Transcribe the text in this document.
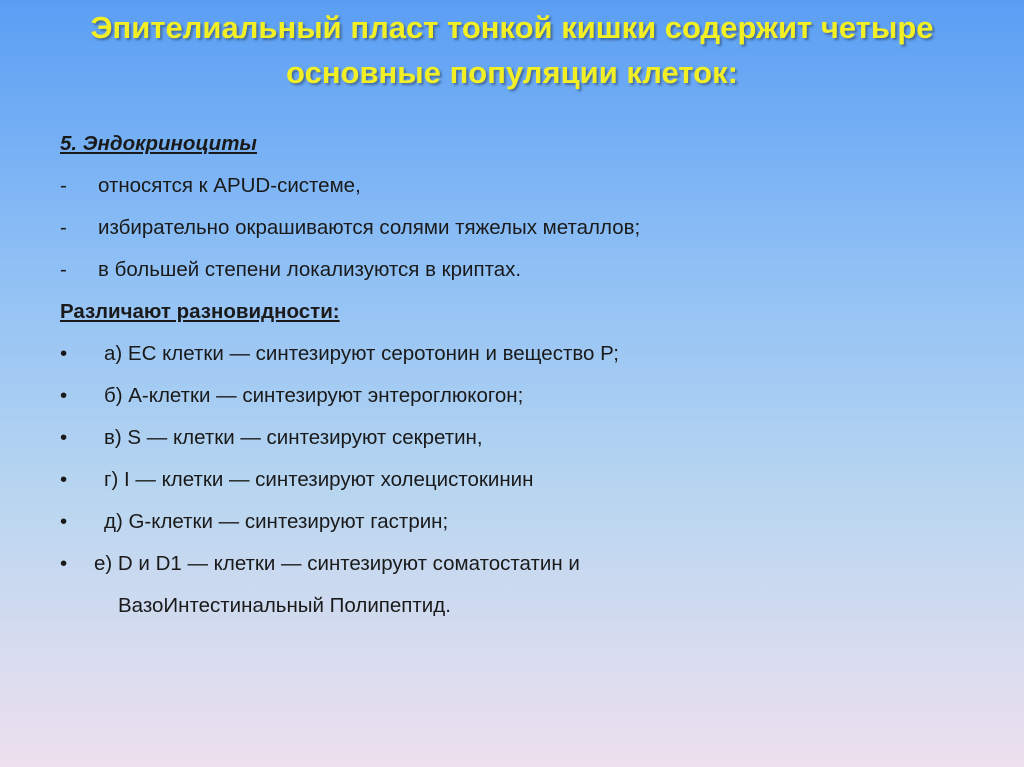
Эпителиальный пласт тонкой кишки содержит четыре
основные популяции клеток:
5. Эндокриноциты
- относятся к APUD-системе,
- избирательно окрашиваются солями тяжелых металлов;
- в большей степени локализуются в криптах.
Различают разновидности:
• а) ЕС клетки — синтезируют серотонин и вещество Р;
• б) А-клетки — синтезируют энтероглюкогон;
• в) S — клетки — синтезируют секретин,
• г) I — клетки — синтезируют холецистокинин
• д) G-клетки — синтезируют гастрин;
• е) D и D1 — клетки — синтезируют соматостатин и
ВазоИнтестинальный Полипептид.
